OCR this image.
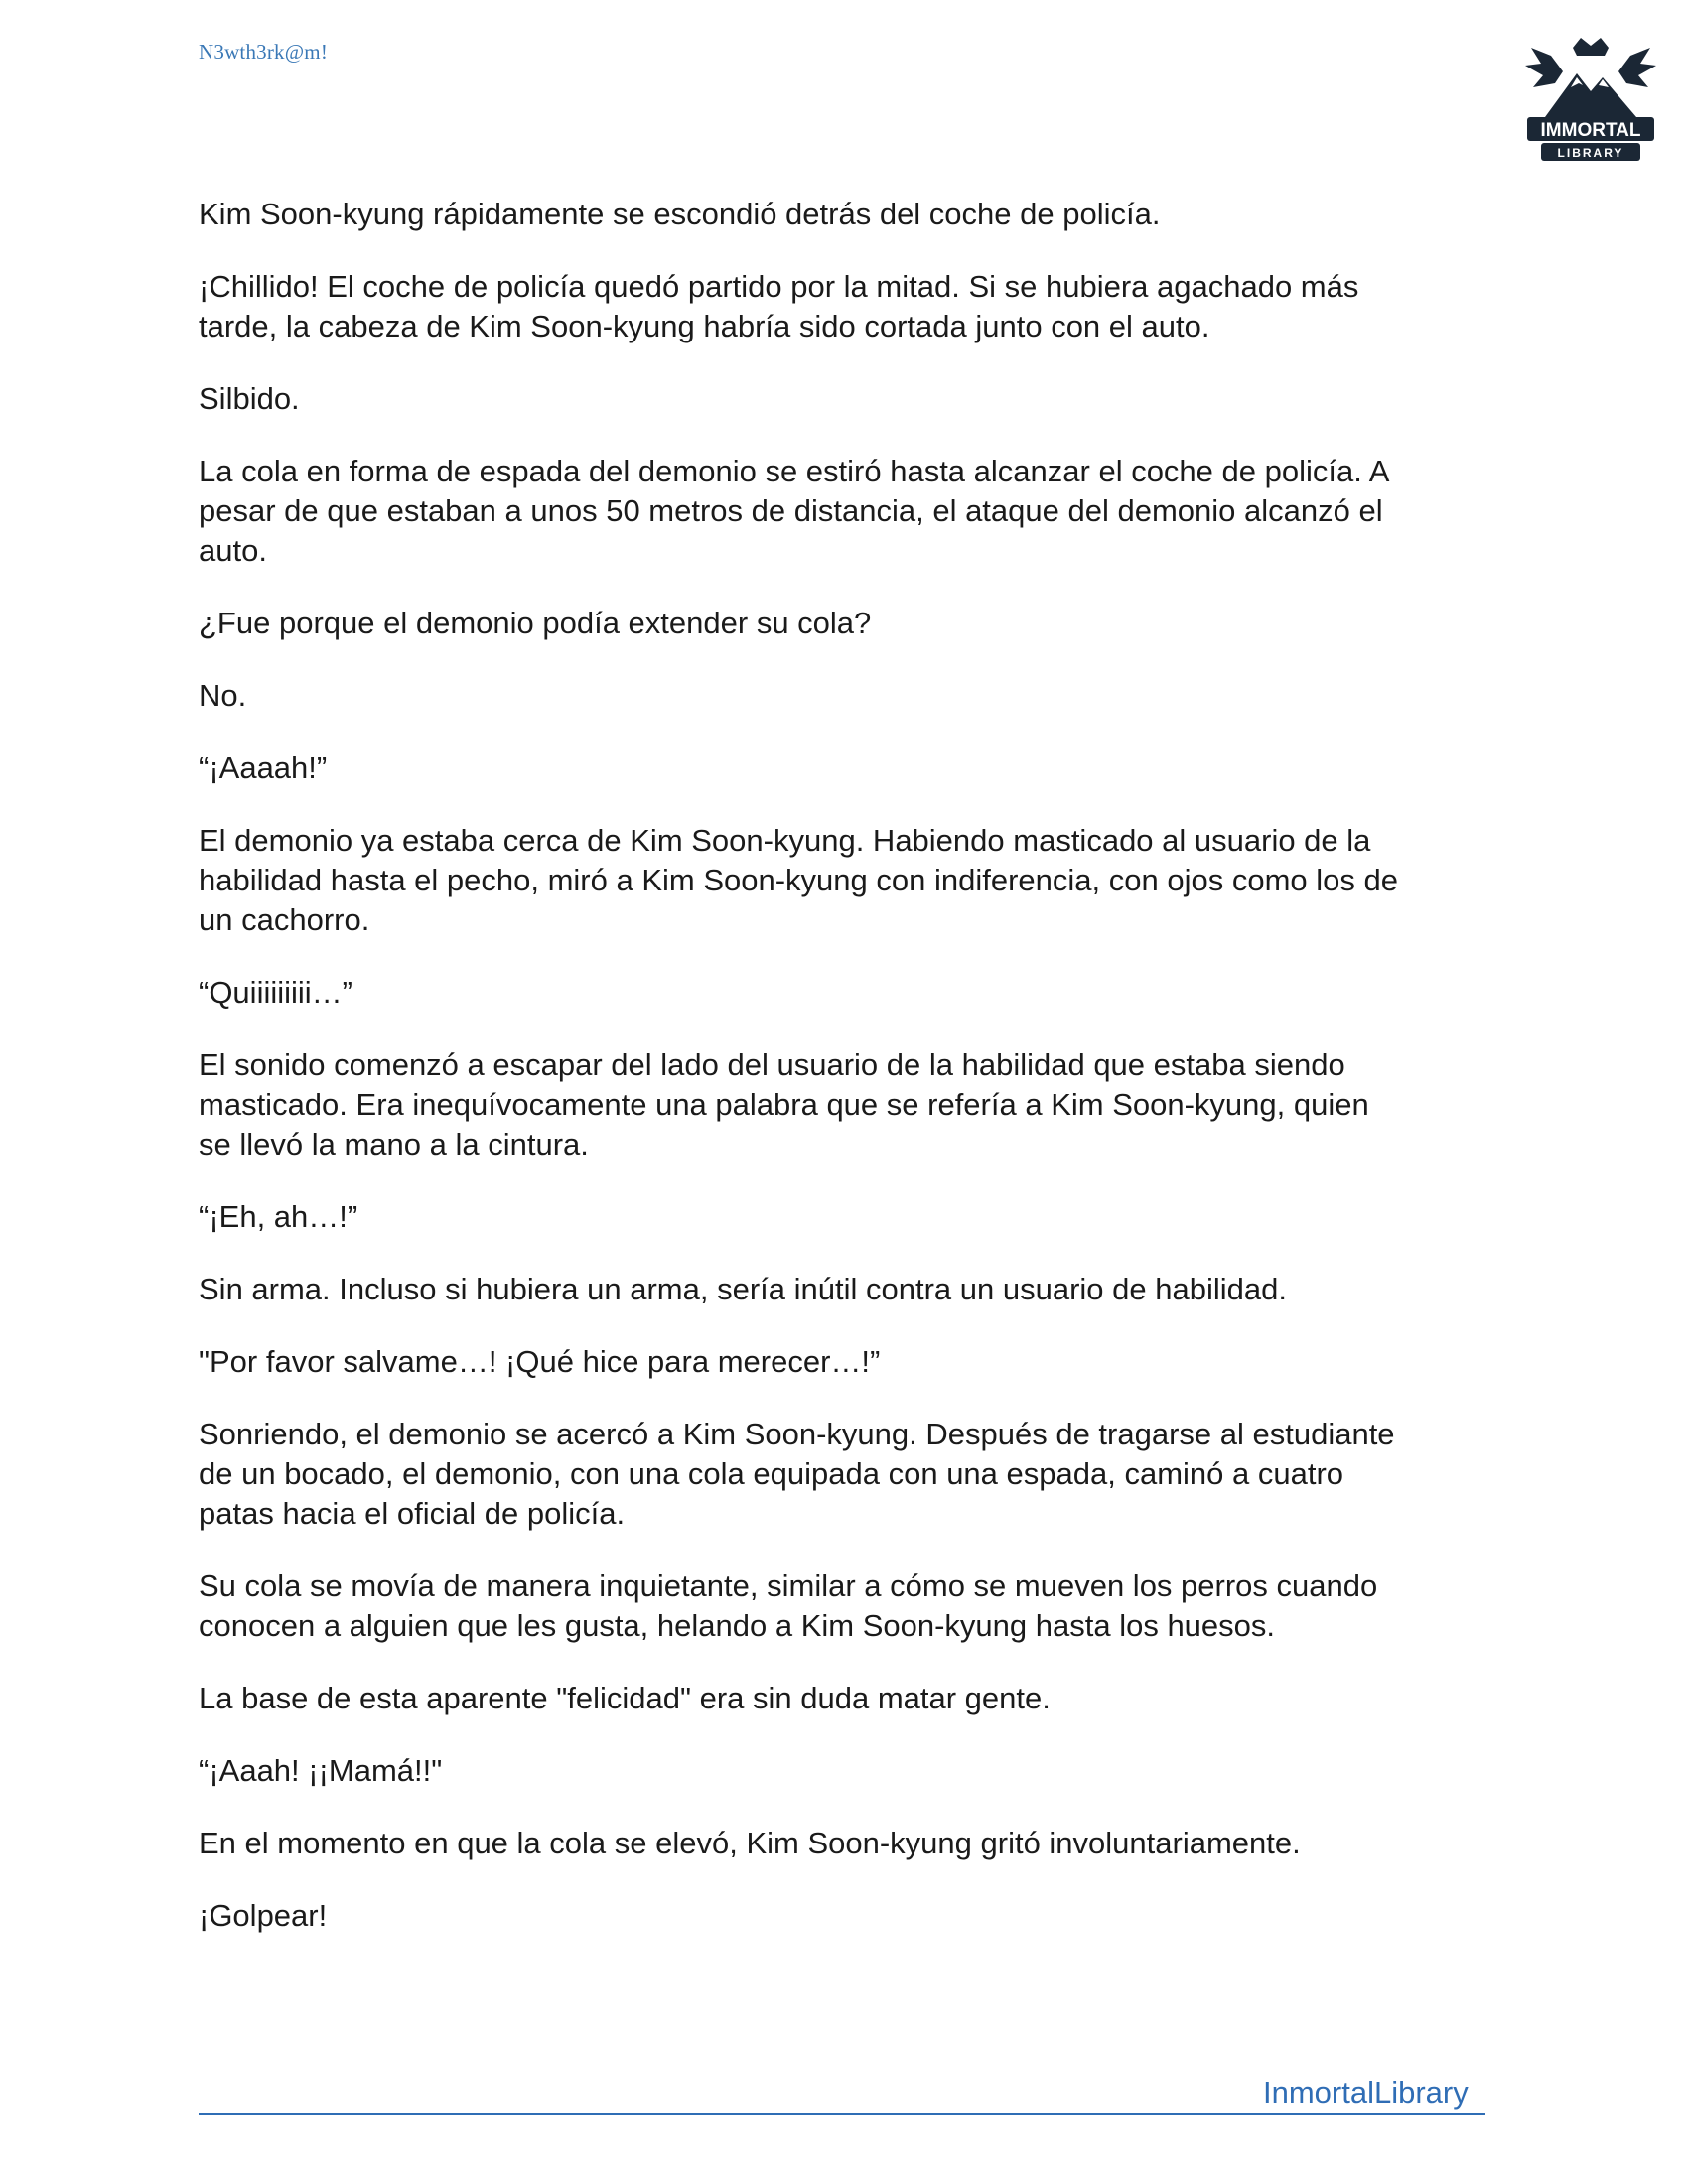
N3wth3rk@m!
IMMORTAL
LIBRARY

Kim Soon-kyung rápidamente se escondió detrás del coche de policía.

¡Chillido! El coche de policía quedó partido por la mitad. Si se hubiera agachado más
tarde, la cabeza de Kim Soon-kyung habría sido cortada junto con el auto.

Silbido.

La cola en forma de espada del demonio se estiró hasta alcanzar el coche de policía. A
pesar de que estaban a unos 50 metros de distancia, el ataque del demonio alcanzó el
auto.

¿Fue porque el demonio podía extender su cola?

No.

“¡Aaaah!”

El demonio ya estaba cerca de Kim Soon-kyung. Habiendo masticado al usuario de la
habilidad hasta el pecho, miró a Kim Soon-kyung con indiferencia, con ojos como los de
un cachorro.

“Quiiiiiiiii…”

El sonido comenzó a escapar del lado del usuario de la habilidad que estaba siendo
masticado. Era inequívocamente una palabra que se refería a Kim Soon-kyung, quien
se llevó la mano a la cintura.

“¡Eh, ah…!”

Sin arma. Incluso si hubiera un arma, sería inútil contra un usuario de habilidad.

"Por favor salvame…! ¡Qué hice para merecer…!”

Sonriendo, el demonio se acercó a Kim Soon-kyung. Después de tragarse al estudiante
de un bocado, el demonio, con una cola equipada con una espada, caminó a cuatro
patas hacia el oficial de policía.

Su cola se movía de manera inquietante, similar a cómo se mueven los perros cuando
conocen a alguien que les gusta, helando a Kim Soon-kyung hasta los huesos.

La base de esta aparente "felicidad" era sin duda matar gente.

“¡Aaah! ¡¡Mamá!!"

En el momento en que la cola se elevó, Kim Soon-kyung gritó involuntariamente.

¡Golpear!

InmortalLibrary
